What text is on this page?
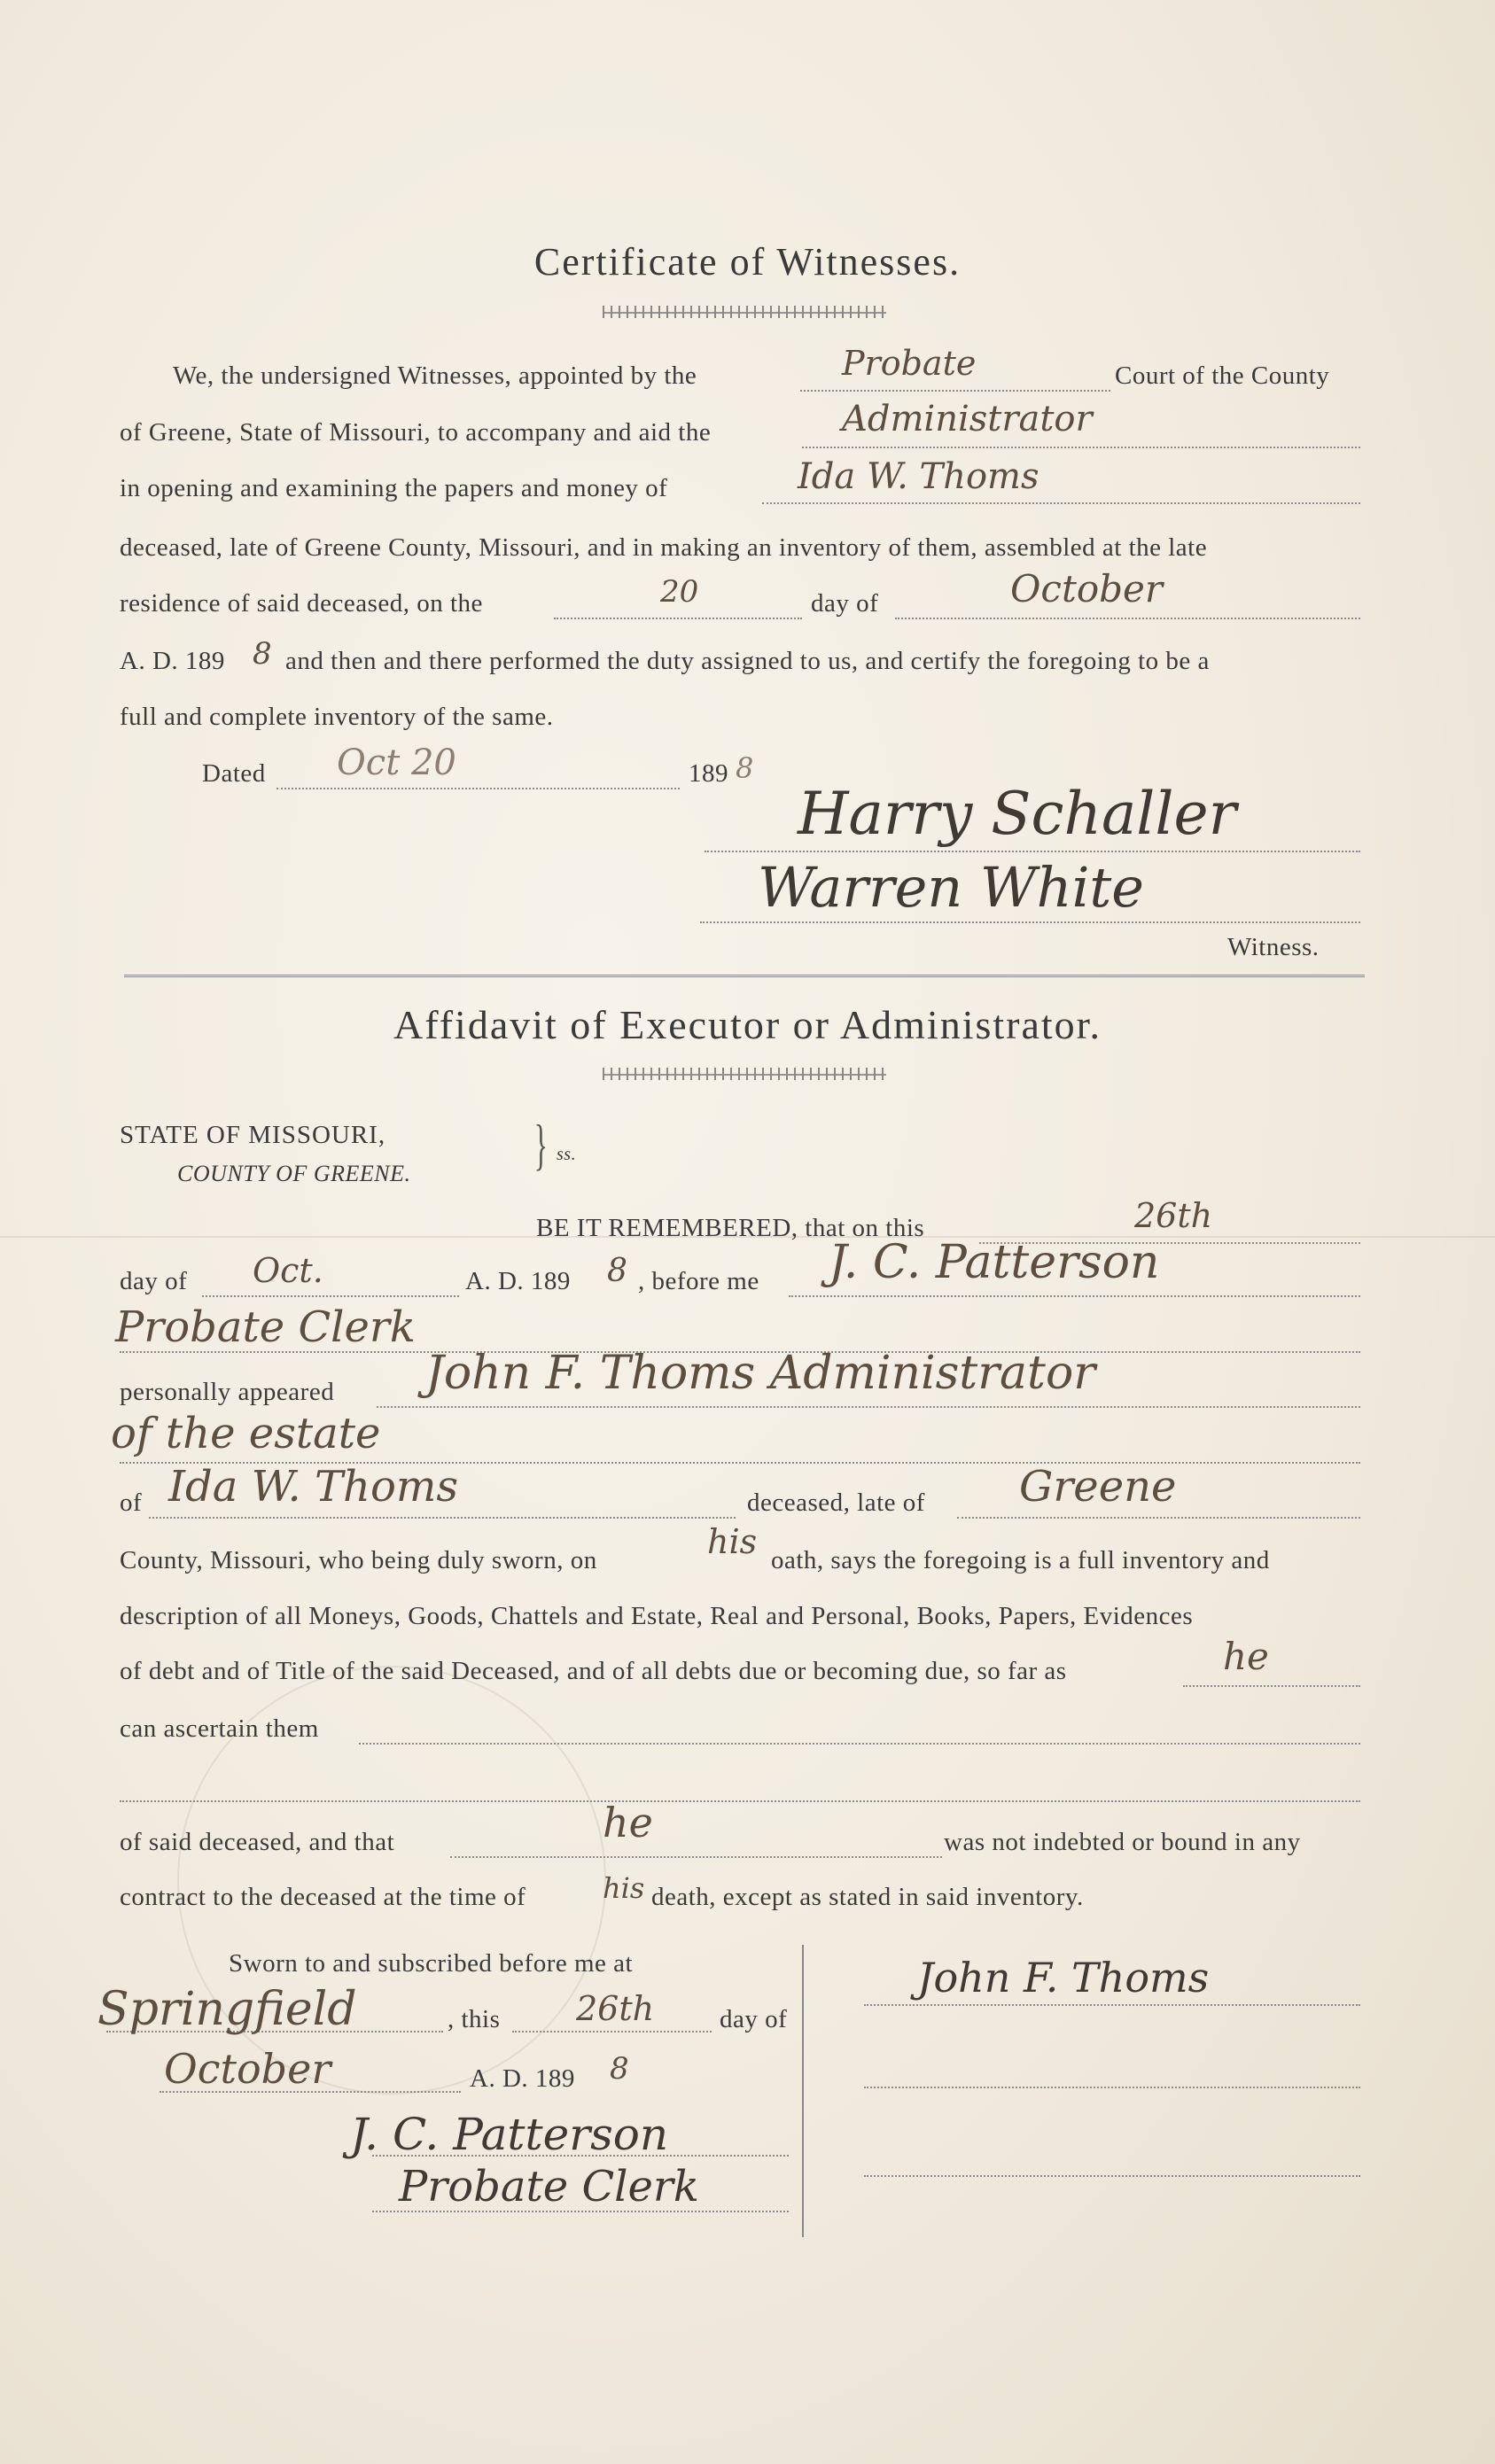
Certificate of Witnesses.
We, the undersigned Witnesses, appointed by the	Probate	Court of the County
of Greene, State of Missouri, to accompany and aid the	Administrator
in opening and examining the papers and money of	Ida W. Thoms
deceased, late of Greene County, Missouri, and in making an inventory of them, assembled at the late
residence of said deceased, on the	20	day of	October
A. D. 189 8 and then and there performed the duty assigned to us, and certify the foregoing to be a
full and complete inventory of the same.
Dated Oct 20	189 8
Harry Schaller
Warren White
Witness.
Affidavit of Executor or Administrator.
STATE OF MISSOURI,
COUNTY OF GREENE. } ss.
BE IT REMEMBERED, that on this	26th
day of Oct.	A. D. 189 8 , before me J. C. Patterson
Probate Clerk
personally appeared John F. Thoms Administrator
of the estate
of Ida W. Thoms	deceased, late of Greene
County, Missouri, who being duly sworn, on	his oath, says the foregoing is a full inventory and
description of all Moneys, Goods, Chattels and Estate, Real and Personal, Books, Papers, Evidences
of debt and of Title of the said Deceased, and of all debts due or becoming due, so far as	he
can ascertain them
of said deceased, and that	he	was not indebted or bound in any
contract to the deceased at the time of	his death, except as stated in said inventory.
Sworn to and subscribed before me at
Springfield	, this 26th	day of
October	A. D. 189 8
J. C. Patterson
Probate Clerk
John F. Thoms
